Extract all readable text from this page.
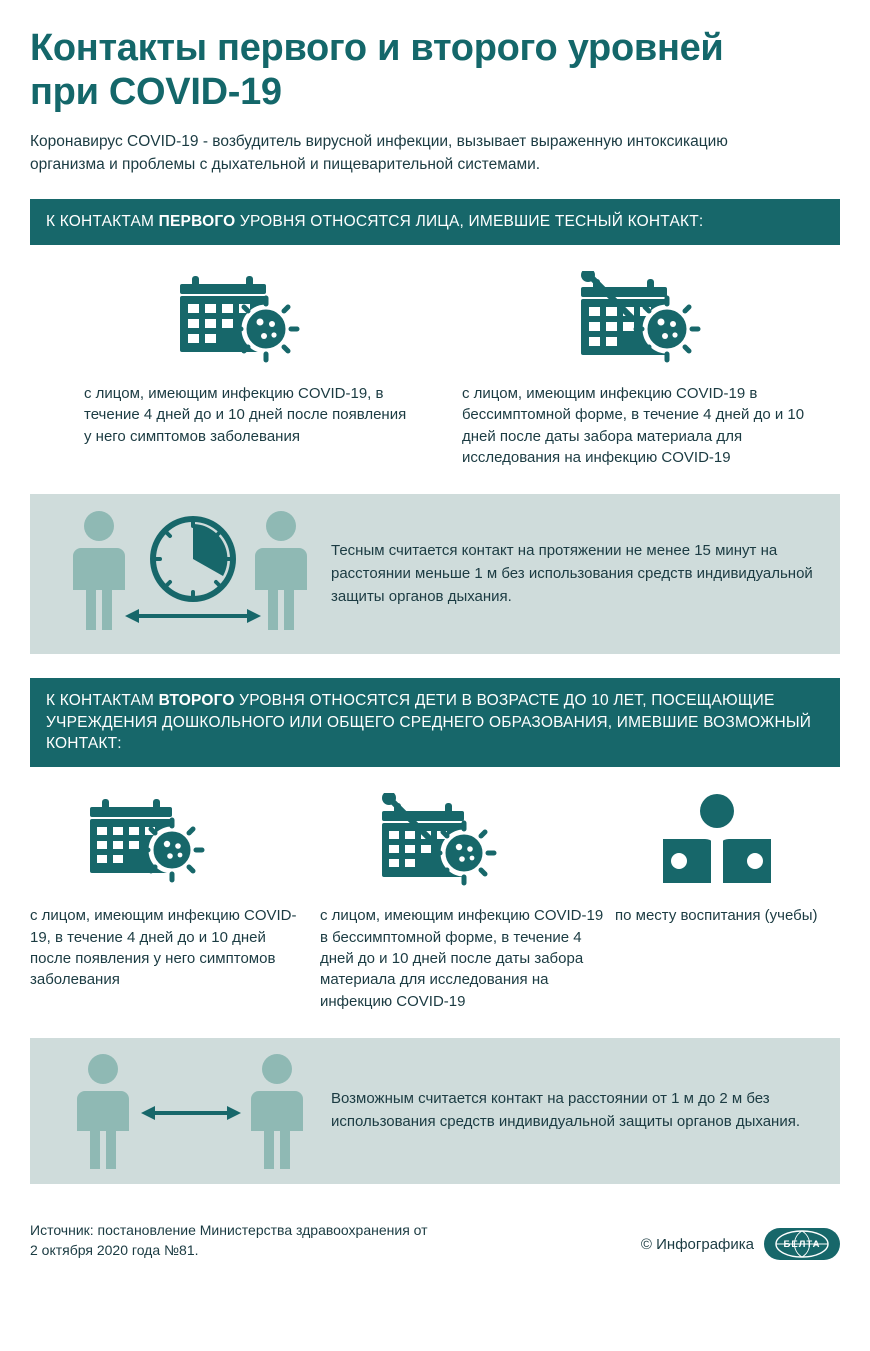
Контакты первого и второго уровней при COVID-19

Коронавирус COVID-19 - возбудитель вирусной инфекции, вызывает выраженную интоксикацию организма и проблемы с дыхательной и пищеварительной системами.

К КОНТАКТАМ ПЕРВОГО УРОВНЯ ОТНОСЯТСЯ ЛИЦА, ИМЕВШИЕ ТЕСНЫЙ КОНТАКТ:
с лицом, имеющим инфекцию COVID-19, в течение 4 дней до и 10 дней после появления у него симптомов заболевания
с лицом, имеющим инфекцию COVID-19 в бессимптомной форме, в течение 4 дней до и 10 дней после даты забора материала для исследования на инфекцию COVID-19
Тесным считается контакт на протяжении не менее 15 минут на расстоянии меньше 1 м без использования средств индивидуальной защиты органов дыхания.
К КОНТАКТАМ ВТОРОГО УРОВНЯ ОТНОСЯТСЯ ДЕТИ В ВОЗРАСТЕ ДО 10 ЛЕТ, ПОСЕЩАЮЩИЕ УЧРЕЖДЕНИЯ ДОШКОЛЬНОГО ИЛИ ОБЩЕГО СРЕДНЕГО ОБРАЗОВАНИЯ, ИМЕВШИЕ ВОЗМОЖНЫЙ КОНТАКТ:
с лицом, имеющим инфекцию COVID-19, в течение 4 дней до и 10 дней после появления у него симптомов заболевания
с лицом, имеющим инфекцию COVID-19 в бессимптомной форме, в течение 4 дней до и 10 дней после даты забора материала для исследования на инфекцию COVID-19
по месту воспитания (учебы)
Возможным считается контакт на расстоянии от 1 м до 2 м без использования средств индивидуальной защиты органов дыхания.
Источник: постановление Министерства здравоохранения от 2 октября 2020 года №81.	© Инфографика	БЕЛТА
